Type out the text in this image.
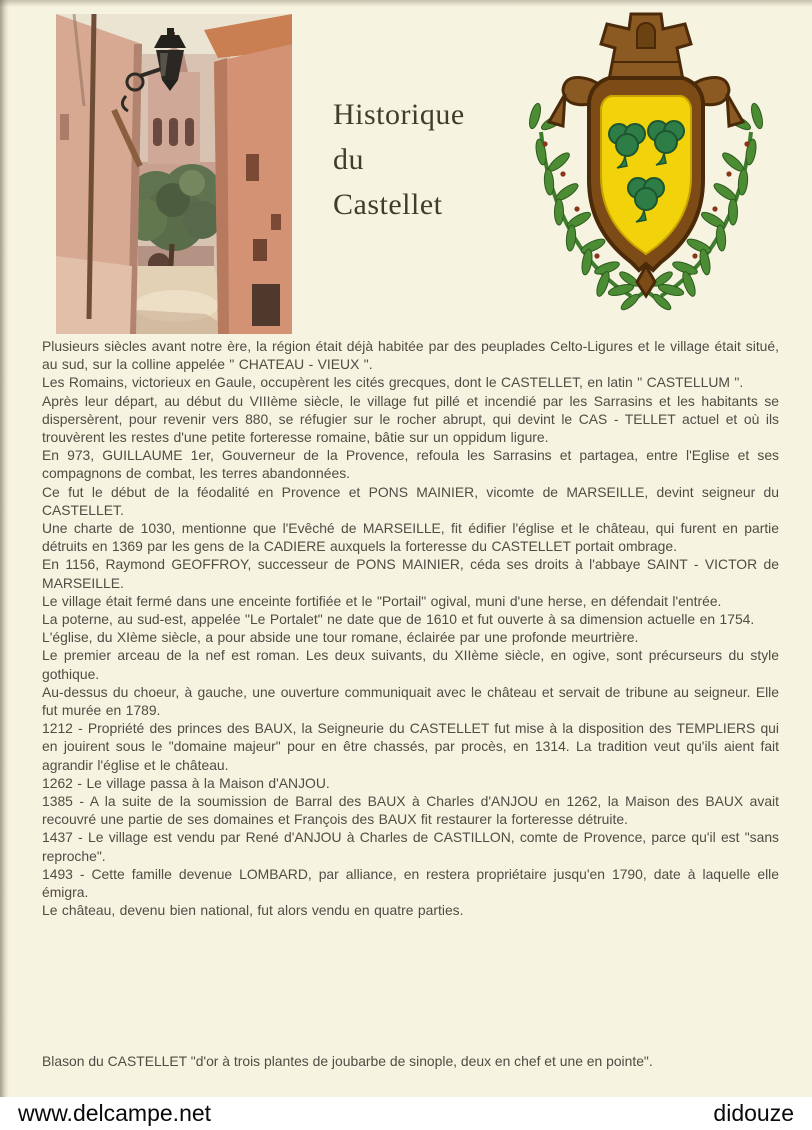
Historique
du
Castellet

Plusieurs siècles avant notre ère, la région était déjà habitée par des peuplades Celto-Ligures et le village était situé, au sud, sur la colline appelée " CHATEAU - VIEUX ".

Les Romains, victorieux en Gaule, occupèrent les cités grecques, dont le CASTELLET, en latin " CASTELLUM ".

Après leur départ, au début du VIIIème siècle, le village fut pillé et incendié par les Sarrasins et les habitants se dispersèrent, pour revenir vers 880, se réfugier sur le rocher abrupt, qui devint le CAS - TELLET actuel et où ils trouvèrent les restes d'une petite forteresse romaine, bâtie sur un oppidum ligure.

En 973, GUILLAUME 1er, Gouverneur de la Provence, refoula les Sarrasins et partagea, entre l'Eglise et ses compagnons de combat, les terres abandonnées.

Ce fut le début de la féodalité en Provence et PONS MAINIER, vicomte de MARSEILLE, devint seigneur du CASTELLET.

Une charte de 1030, mentionne que l'Evêché de MARSEILLE, fit édifier l'église et le château, qui furent en partie détruits en 1369 par les gens de la CADIERE auxquels la forteresse du CASTELLET portait ombrage.

En 1156, Raymond GEOFFROY, successeur de PONS MAINIER, céda ses droits à l'abbaye SAINT - VICTOR de MARSEILLE.

Le village était fermé dans une enceinte fortifiée et le "Portail" ogival, muni d'une herse, en défendait l'entrée.

La poterne, au sud-est, appelée "Le Portalet" ne date que de 1610 et fut ouverte à sa dimension actuelle en 1754.

L'église, du XIème siècle, a pour abside une tour romane, éclairée par une profonde meurtrière.

Le premier arceau de la nef est roman. Les deux suivants, du XIIème siècle, en ogive, sont précurseurs du style gothique.

Au-dessus du choeur, à gauche, une ouverture communiquait avec le château et servait de tribune au seigneur. Elle fut murée en 1789.

1212 - Propriété des princes des BAUX, la Seigneurie du CASTELLET fut mise à la disposition des TEMPLIERS qui en jouirent sous le "domaine majeur" pour en être chassés, par procès, en 1314. La tradition veut qu'ils aient fait agrandir l'église et le château.

1262 - Le village passa à la Maison d'ANJOU.

1385 - A la suite de la soumission de Barral des BAUX à Charles d'ANJOU en 1262, la Maison des BAUX avait recouvré une partie de ses domaines et François des BAUX fit restaurer la forteresse détruite.

1437 - Le village est vendu par René d'ANJOU à Charles de CASTILLON, comte de Provence, parce qu'il est "sans reproche".

1493 - Cette famille devenue LOMBARD, par alliance, en restera propriétaire jusqu'en 1790, date à laquelle elle émigra.

Le château, devenu bien national, fut alors vendu en quatre parties.

Blason du CASTELLET "d'or à trois plantes de joubarbe de sinople, deux en chef et une en pointe".
www.delcampe.net	didouze
